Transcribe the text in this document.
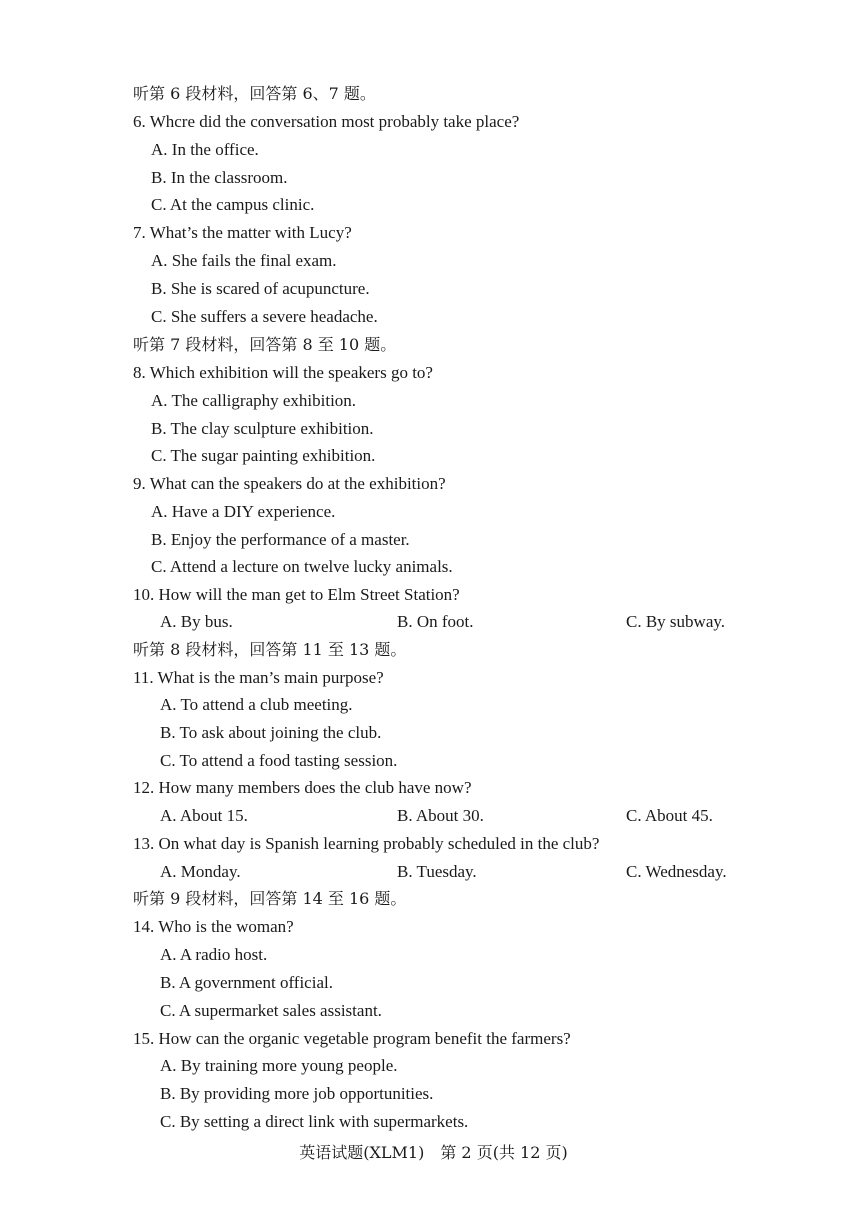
听第 6 段材料，回答第 6、7 题。
6. Whcre did the conversation most probably take place?
A. In the office.
B. In the classroom.
C. At the campus clinic.
7. What’s the matter with Lucy?
A. She fails the final exam.
B. She is scared of acupuncture.
C. She suffers a severe headache.
听第 7 段材料，回答第 8 至 10 题。
8. Which exhibition will the speakers go to?
A. The calligraphy exhibition.
B. The clay sculpture exhibition.
C. The sugar painting exhibition.
9. What can the speakers do at the exhibition?
A. Have a DIY experience.
B. Enjoy the performance of a master.
C. Attend a lecture on twelve lucky animals.
10. How will the man get to Elm Street Station?
A. By bus.	B. On foot.	C. By subway.
听第 8 段材料，回答第 11 至 13 题。
11. What is the man’s main purpose?
A. To attend a club meeting.
B. To ask about joining the club.
C. To attend a food tasting session.
12. How many members does the club have now?
A. About 15.	B. About 30.	C. About 45.
13. On what day is Spanish learning probably scheduled in the club?
A. Monday.	B. Tuesday.	C. Wednesday.
听第 9 段材料，回答第 14 至 16 题。
14. Who is the woman?
A. A radio host.
B. A government official.
C. A supermarket sales assistant.
15. How can the organic vegetable program benefit the farmers?
A. By training more young people.
B. By providing more job opportunities.
C. By setting a direct link with supermarkets.
英语试题(XLM1)　第 2 页(共 12 页)
